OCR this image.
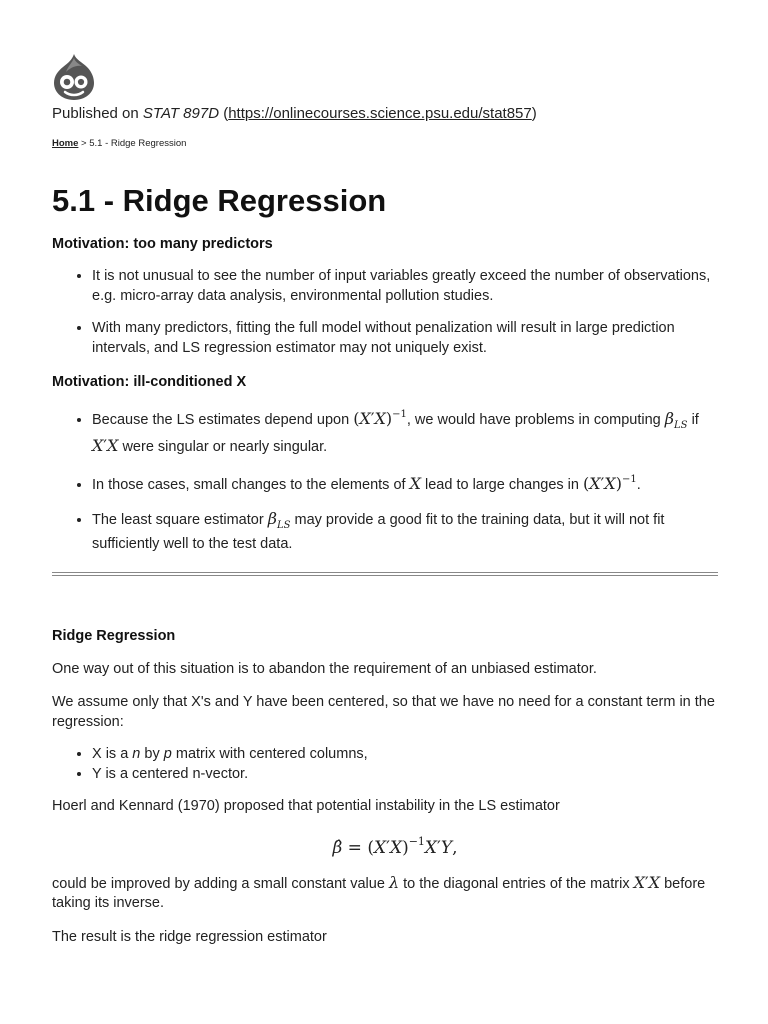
Published on STAT 897D (https://onlinecourses.science.psu.edu/stat857)

Home > 5.1 - Ridge Regression
5.1 - Ridge Regression
Motivation: too many predictors
• It is not unusual to see the number of input variables greatly exceed the number of observations, e.g. micro-array data analysis, environmental pollution studies.
• With many predictors, fitting the full model without penalization will result in large prediction intervals, and LS regression estimator may not uniquely exist.
Motivation: ill-conditioned X
• Because the LS estimates depend upon $(X'X)^{-1}$, we would have problems in computing $\beta_{LS}$ if X′X were singular or nearly singular.
• In those cases, small changes to the elements of X lead to large changes in $(X'X)^{-1}$.
• The least square estimator $\beta_{LS}$ may provide a good fit to the training data, but it will not fit sufficiently well to the test data.
Ridge Regression

One way out of this situation is to abandon the requirement of an unbiased estimator.

We assume only that X's and Y have been centered, so that we have no need for a constant term in the regression:

• X is a n by p matrix with centered columns,
• Y is a centered n-vector.

Hoerl and Kennard (1970) proposed that potential instability in the LS estimator

β̂ = $(X'X)^{-1}X'Y$,

could be improved by adding a small constant value λ to the diagonal entries of the matrix X′X before taking its inverse.

The result is the ridge regression estimator
